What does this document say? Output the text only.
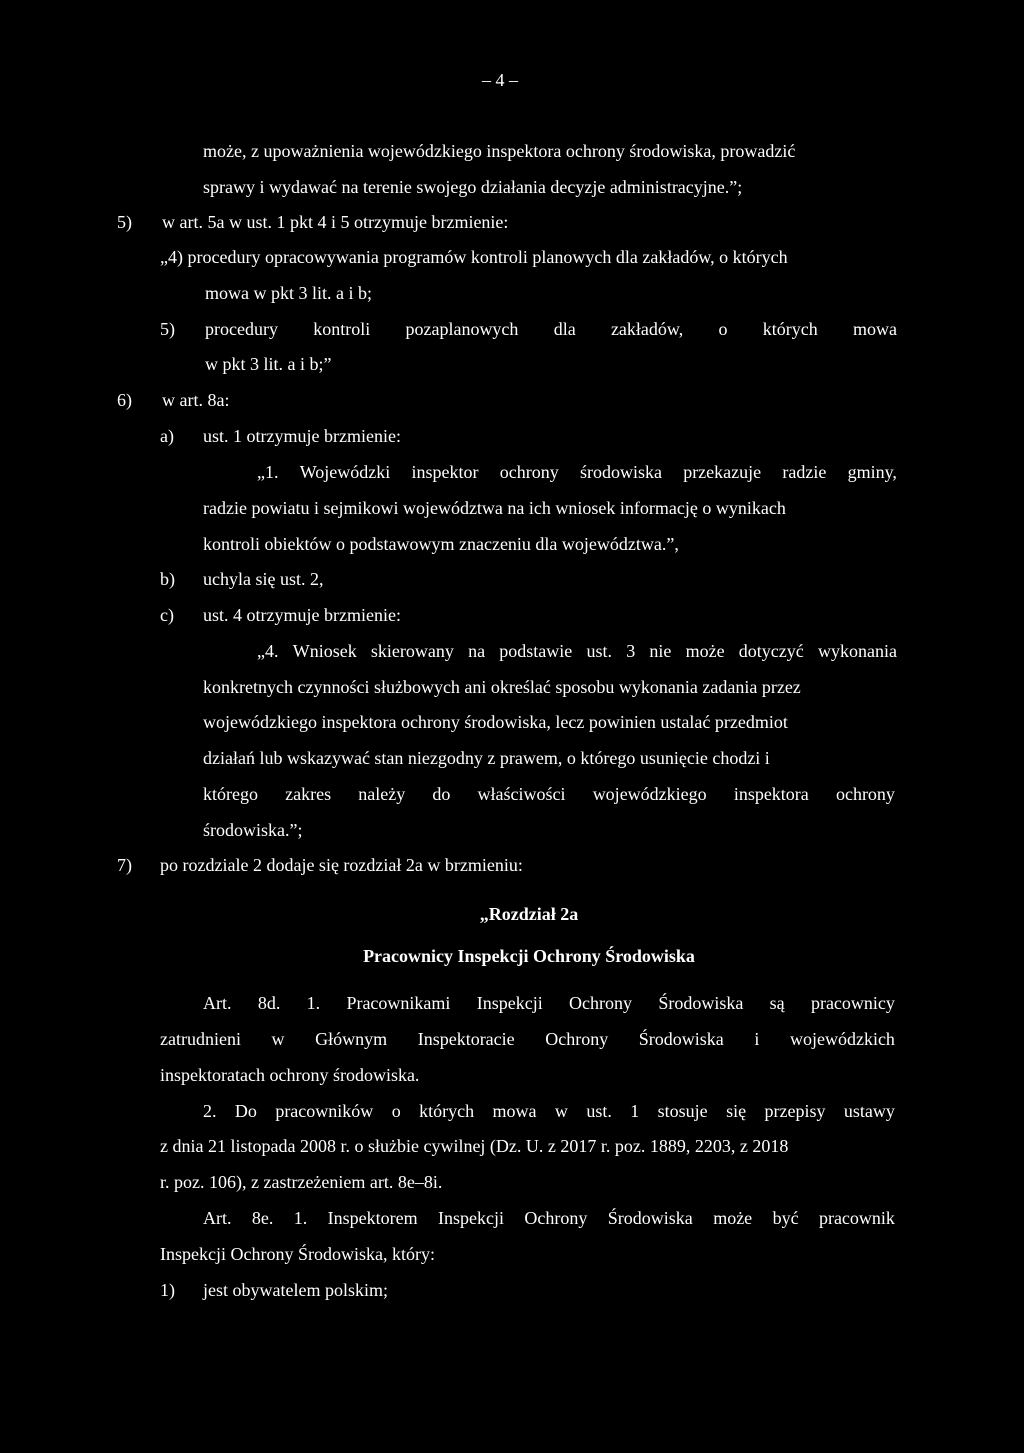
– 4 –
może, z upoważnienia wojewódzkiego inspektora ochrony środowiska, prowadzić
sprawy i wydawać na terenie swojego działania decyzje administracyjne.”;
5) w art. 5a w ust. 1 pkt 4 i 5 otrzymuje brzmienie:
„4) procedury opracowywania programów kontroli planowych dla zakładów, o których
mowa w pkt 3 lit. a i b;
5) procedury kontroli pozaplanowych dla zakładów, o których mowa
w pkt 3 lit. a i b;”
6) w art. 8a:
a) ust. 1 otrzymuje brzmienie:
„1. Wojewódzki inspektor ochrony środowiska przekazuje radzie gminy,
radzie powiatu i sejmikowi województwa na ich wniosek informację o wynikach
kontroli obiektów o podstawowym znaczeniu dla województwa.”,
b) uchyla się ust. 2,
c) ust. 4 otrzymuje brzmienie:
„4. Wniosek skierowany na podstawie ust. 3 nie może dotyczyć wykonania
konkretnych czynności służbowych ani określać sposobu wykonania zadania przez
wojewódzkiego inspektora ochrony środowiska, lecz powinien ustalać przedmiot
działań lub wskazywać stan niezgodny z prawem, o którego usunięcie chodzi i
którego zakres należy do właściwości wojewódzkiego inspektora ochrony
środowiska.”;
7) po rozdziale 2 dodaje się rozdział 2a w brzmieniu:
„Rozdział 2a
Pracownicy Inspekcji Ochrony Środowiska
Art. 8d. 1. Pracownikami Inspekcji Ochrony Środowiska są pracownicy
zatrudnieni w Głównym Inspektoracie Ochrony Środowiska i wojewódzkich
inspektoratach ochrony środowiska.
2. Do pracowników o których mowa w ust. 1 stosuje się przepisy ustawy
z dnia 21 listopada 2008 r. o służbie cywilnej (Dz. U. z 2017 r. poz. 1889, 2203, z 2018
r. poz. 106), z zastrzeżeniem art. 8e–8i.
Art. 8e. 1. Inspektorem Inspekcji Ochrony Środowiska może być pracownik
Inspekcji Ochrony Środowiska, który:
1) jest obywatelem polskim;
